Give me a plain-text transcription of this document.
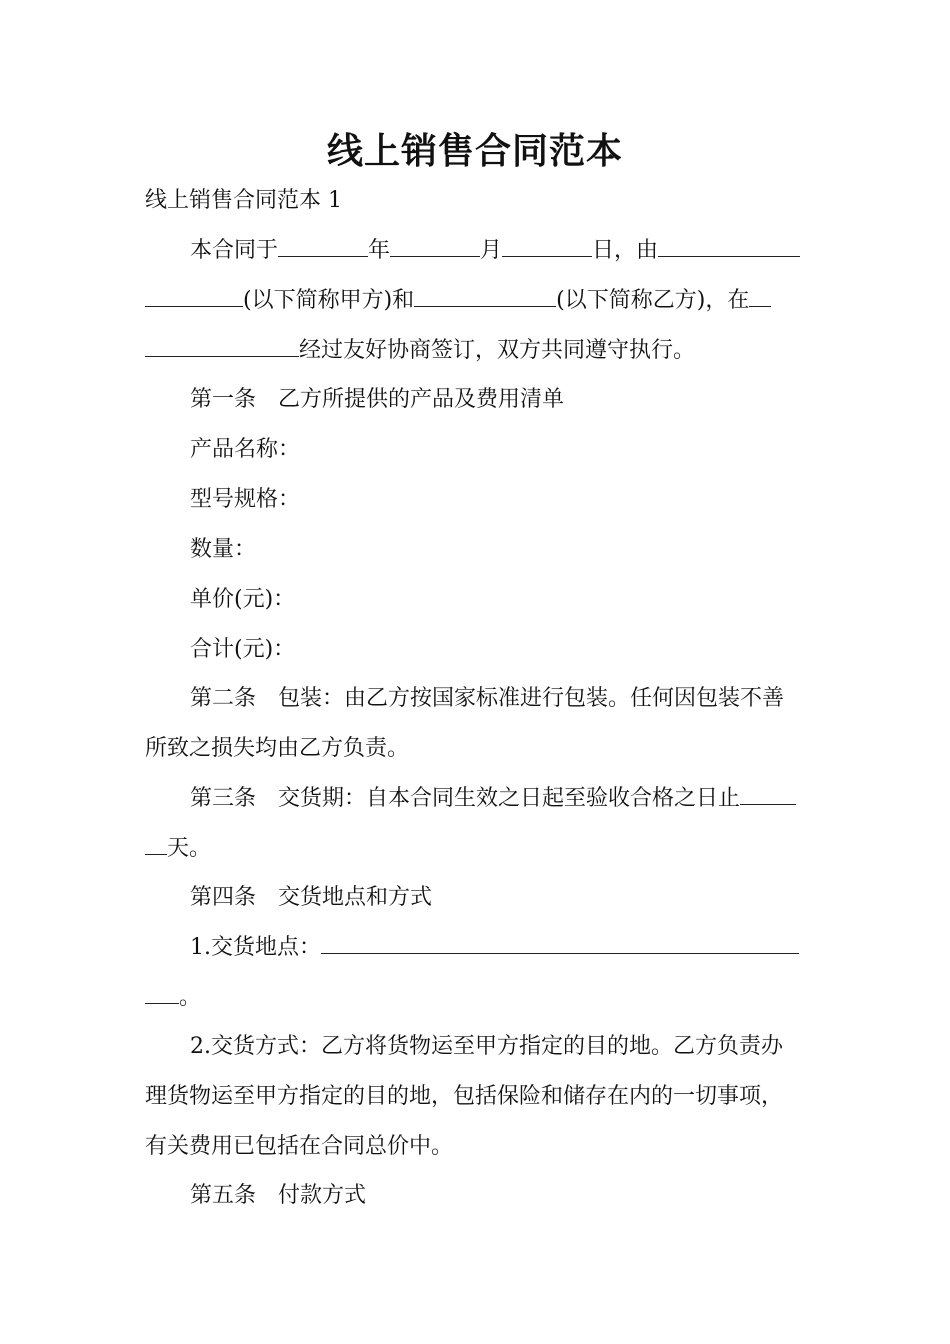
线上销售合同范本
线上销售合同范本 1
本合同于	年	月	日，由
(以下简称甲方)和	(以下简称乙方)，在
经过友好协商签订，双方共同遵守执行。
第一条 乙方所提供的产品及费用清单
产品名称：
型号规格：
数量：
单价(元)：
合计(元)：
第二条 包装：由乙方按国家标准进行包装。任何因包装不善
所致之损失均由乙方负责。
第三条 交货期：自本合同生效之日起至验收合格之日止
天。
第四条 交货地点和方式
1.交货地点：
。
2.交货方式：乙方将货物运至甲方指定的目的地。乙方负责办
理货物运至甲方指定的目的地，包括保险和储存在内的一切事项，
有关费用已包括在合同总价中。
第五条 付款方式
